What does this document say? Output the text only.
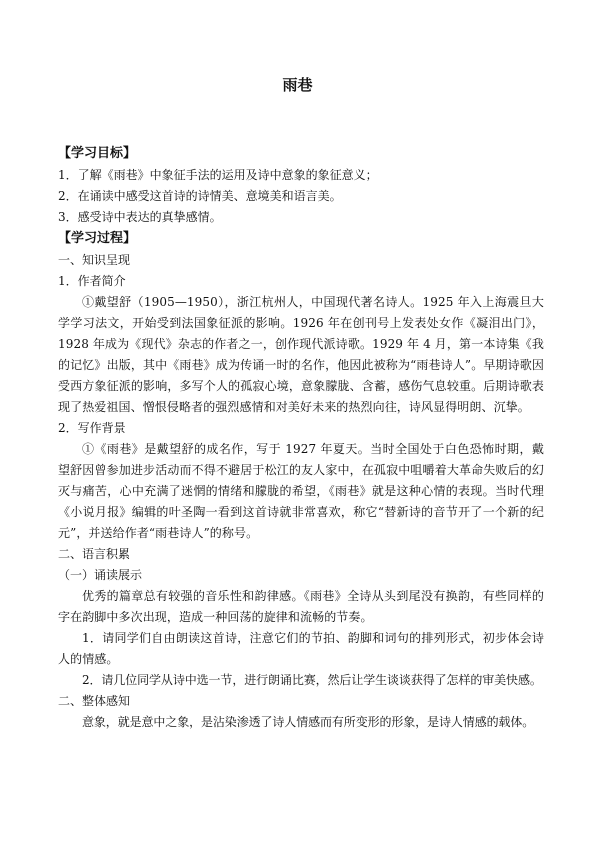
雨巷

【学习目标】

1．了解《雨巷》中象征手法的运用及诗中意象的象征意义；

2．在诵读中感受这首诗的诗情美、意境美和语言美。

3．感受诗中表达的真挚感情。

【学习过程】

一、知识呈现

1．作者简介

①戴望舒（1905—1950），浙江杭州人，中国现代著名诗人。1925 年入上海震旦大学学习法文，开始受到法国象征派的影响。1926 年在创刊号上发表处女作《凝泪出门》，1928 年成为《现代》杂志的作者之一，创作现代派诗歌。1929 年 4 月，第一本诗集《我的记忆》出版，其中《雨巷》成为传诵一时的名作，他因此被称为“雨巷诗人”。早期诗歌因受西方象征派的影响，多写个人的孤寂心境，意象朦胧、含蓄，感伤气息较重。后期诗歌表现了热爱祖国、憎恨侵略者的强烈感情和对美好未来的热烈向往，诗风显得明朗、沉挚。

2．写作背景

①《雨巷》是戴望舒的成名作，写于 1927 年夏天。当时全国处于白色恐怖时期，戴望舒因曾参加进步活动而不得不避居于松江的友人家中，在孤寂中咀嚼着大革命失败后的幻灭与痛苦，心中充满了迷惘的情绪和朦胧的希望，《雨巷》就是这种心情的表现。当时代理《小说月报》编辑的叶圣陶一看到这首诗就非常喜欢，称它“替新诗的音节开了一个新的纪元”，并送给作者“雨巷诗人”的称号。

二、语言积累

（一）诵读展示

优秀的篇章总有较强的音乐性和韵律感。《雨巷》全诗从头到尾没有换韵，有些同样的字在韵脚中多次出现，造成一种回荡的旋律和流畅的节奏。

1．请同学们自由朗读这首诗，注意它们的节拍、韵脚和词句的排列形式，初步体会诗人的情感。

2．请几位同学从诗中选一节，进行朗诵比赛，然后让学生谈谈获得了怎样的审美快感。

二、整体感知

意象，就是意中之象，是沾染渗透了诗人情感而有所变形的形象，是诗人情感的载体。
